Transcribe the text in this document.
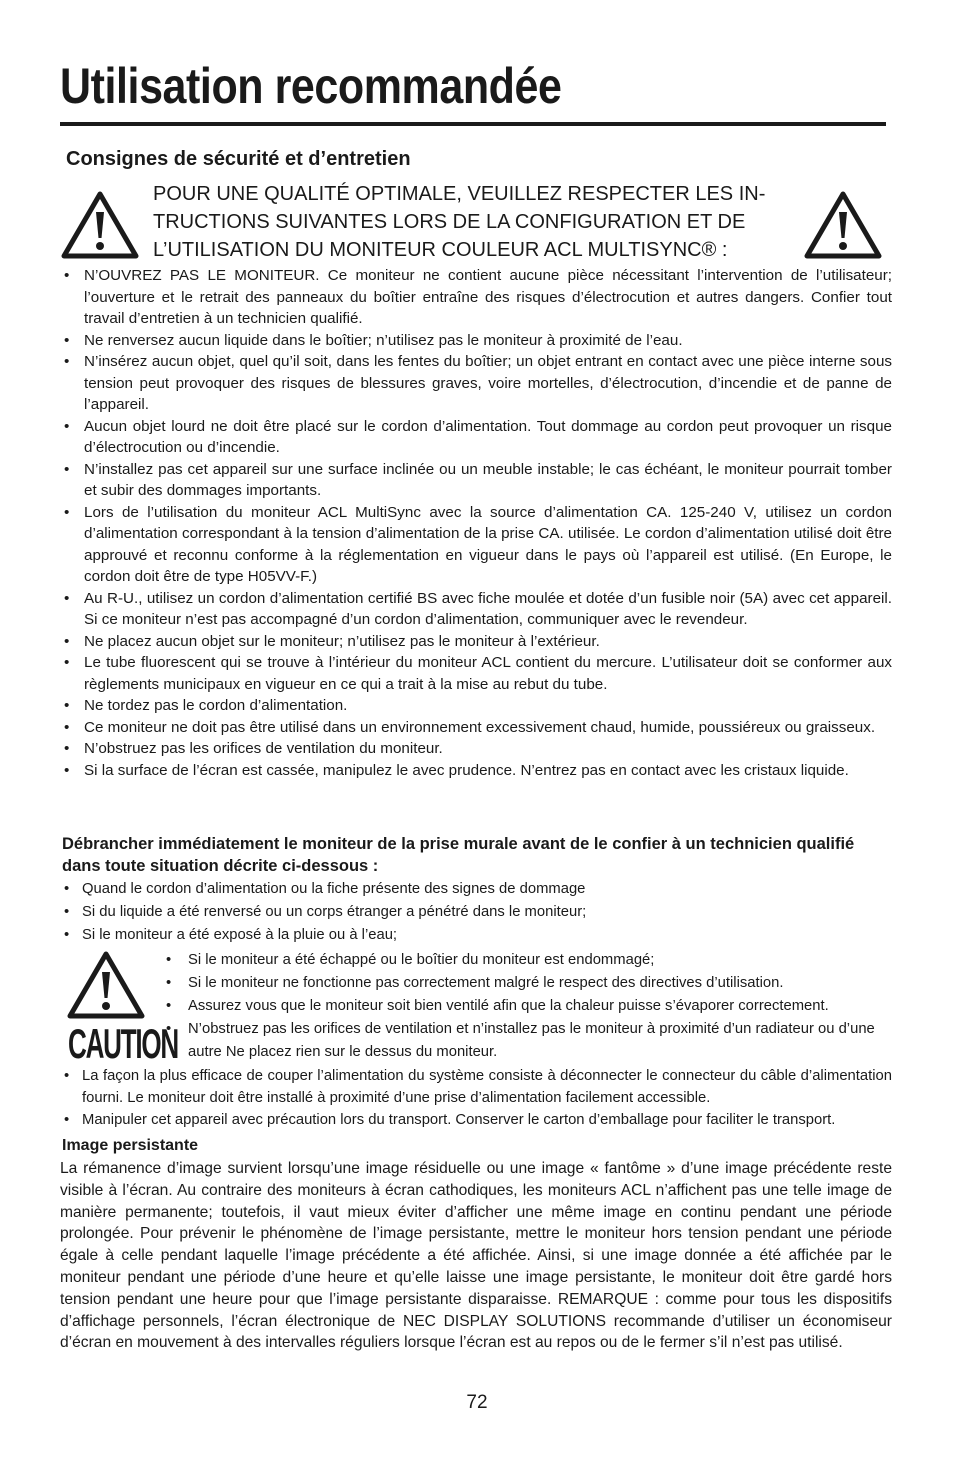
Utilisation recommandée
Consignes de sécurité et d’entretien
POUR UNE QUALITÉ OPTIMALE, VEUILLEZ RESPECTER LES IN-
TRUCTIONS SUIVANTES LORS DE LA CONFIGURATION ET DE
L’UTILISATION DU MONITEUR COULEUR ACL MULTISYNC® :
• N’OUVREZ PAS LE MONITEUR. Ce moniteur ne contient aucune pièce nécessitant l’intervention de l’utilisateur; l’ouverture et le retrait des panneaux du boîtier entraîne des risques d’électrocution et autres dangers. Confier tout travail d’entretien à un technicien qualifié.
• Ne renversez aucun liquide dans le boîtier; n’utilisez pas le moniteur à proximité de l’eau.
• N’insérez aucun objet, quel qu’il soit, dans les fentes du boîtier; un objet entrant en contact avec une pièce interne sous tension peut provoquer des risques de blessures graves, voire mortelles, d’électrocution, d’incendie et de panne de l’appareil.
• Aucun objet lourd ne doit être placé sur le cordon d’alimentation. Tout dommage au cordon peut provoquer un risque d’électrocution ou d’incendie.
• N’installez pas cet appareil sur une surface inclinée ou un meuble instable; le cas échéant, le moniteur pourrait tomber et subir des dommages importants.
• Lors de l’utilisation du moniteur ACL MultiSync avec la source d’alimentation CA. 125-240 V, utilisez un cordon d’alimentation correspondant à la tension d’alimentation de la prise CA. utilisée. Le cordon d’alimentation utilisé doit être approuvé et reconnu conforme à la réglementation en vigueur dans le pays où l’appareil est utilisé. (En Europe, le cordon doit être de type H05VV-F.)
• Au R-U., utilisez un cordon d’alimentation certifié BS avec fiche moulée et dotée d’un fusible noir (5A) avec cet appareil. Si ce moniteur n’est pas accompagné d’un cordon d’alimentation, communiquer avec le revendeur.
• Ne placez aucun objet sur le moniteur; n’utilisez pas le moniteur à l’extérieur.
• Le tube fluorescent qui se trouve à l’intérieur du moniteur ACL contient du mercure. L’utilisateur doit se conformer aux règlements municipaux en vigueur en ce qui a trait à la mise au rebut du tube.
• Ne tordez pas le cordon d’alimentation.
• Ce moniteur ne doit pas être utilisé dans un environnement excessivement chaud, humide, poussiéreux ou graisseux.
• N’obstruez pas les orifices de ventilation du moniteur.
• Si la surface de l’écran est cassée, manipulez le avec prudence. N’entrez pas en contact avec les cristaux liquide.
Débrancher immédiatement le moniteur de la prise murale avant de le confier à un technicien qualifié dans toute situation décrite ci-dessous :
• Quand le cordon d’alimentation ou la fiche présente des signes de dommage
• Si du liquide a été renversé ou un corps étranger a pénétré dans le moniteur;
• Si le moniteur a été exposé à la pluie ou à l’eau;
CAUTION
• Si le moniteur a été échappé ou le boîtier du moniteur est endommagé;
• Si le moniteur ne fonctionne pas correctement malgré le respect des directives d’utilisation.
• Assurez vous que le moniteur soit bien ventilé afin que la chaleur puisse s’évaporer correctement.
• N’obstruez pas les orifices de ventilation et n’installez pas le moniteur à proximité d’un radiateur ou d’une autre Ne placez rien sur le dessus du moniteur.
• La façon la plus efficace de couper l’alimentation du système consiste à déconnecter le connecteur du câble d’alimentation fourni. Le moniteur doit être installé à proximité d’une prise d’alimentation facilement accessible.
• Manipuler cet appareil avec précaution lors du transport. Conserver le carton d’emballage pour faciliter le transport.
Image persistante
La rémanence d’image survient lorsqu’une image résiduelle ou une image « fantôme » d’une image précédente reste visible à l’écran. Au contraire des moniteurs à écran cathodiques, les moniteurs ACL n’affichent pas une telle image de manière permanente; toutefois, il vaut mieux éviter d’afficher une même image en continu pendant une période prolongée. Pour prévenir le phénomène de l’image persistante, mettre le moniteur hors tension pendant une période égale à celle pendant laquelle l’image précédente a été affichée. Ainsi, si une image donnée a été affichée par le moniteur pendant une période d’une heure et qu’elle laisse une image persistante, le moniteur doit être gardé hors tension pendant une heure pour que l’image persistante disparaisse. REMARQUE : comme pour tous les dispositifs d’affichage personnels, l’écran électronique de NEC DISPLAY SOLUTIONS recommande d’utiliser un économiseur d’écran en mouvement à des intervalles réguliers lorsque l’écran est au repos ou de le fermer s’il n’est pas utilisé.
72
